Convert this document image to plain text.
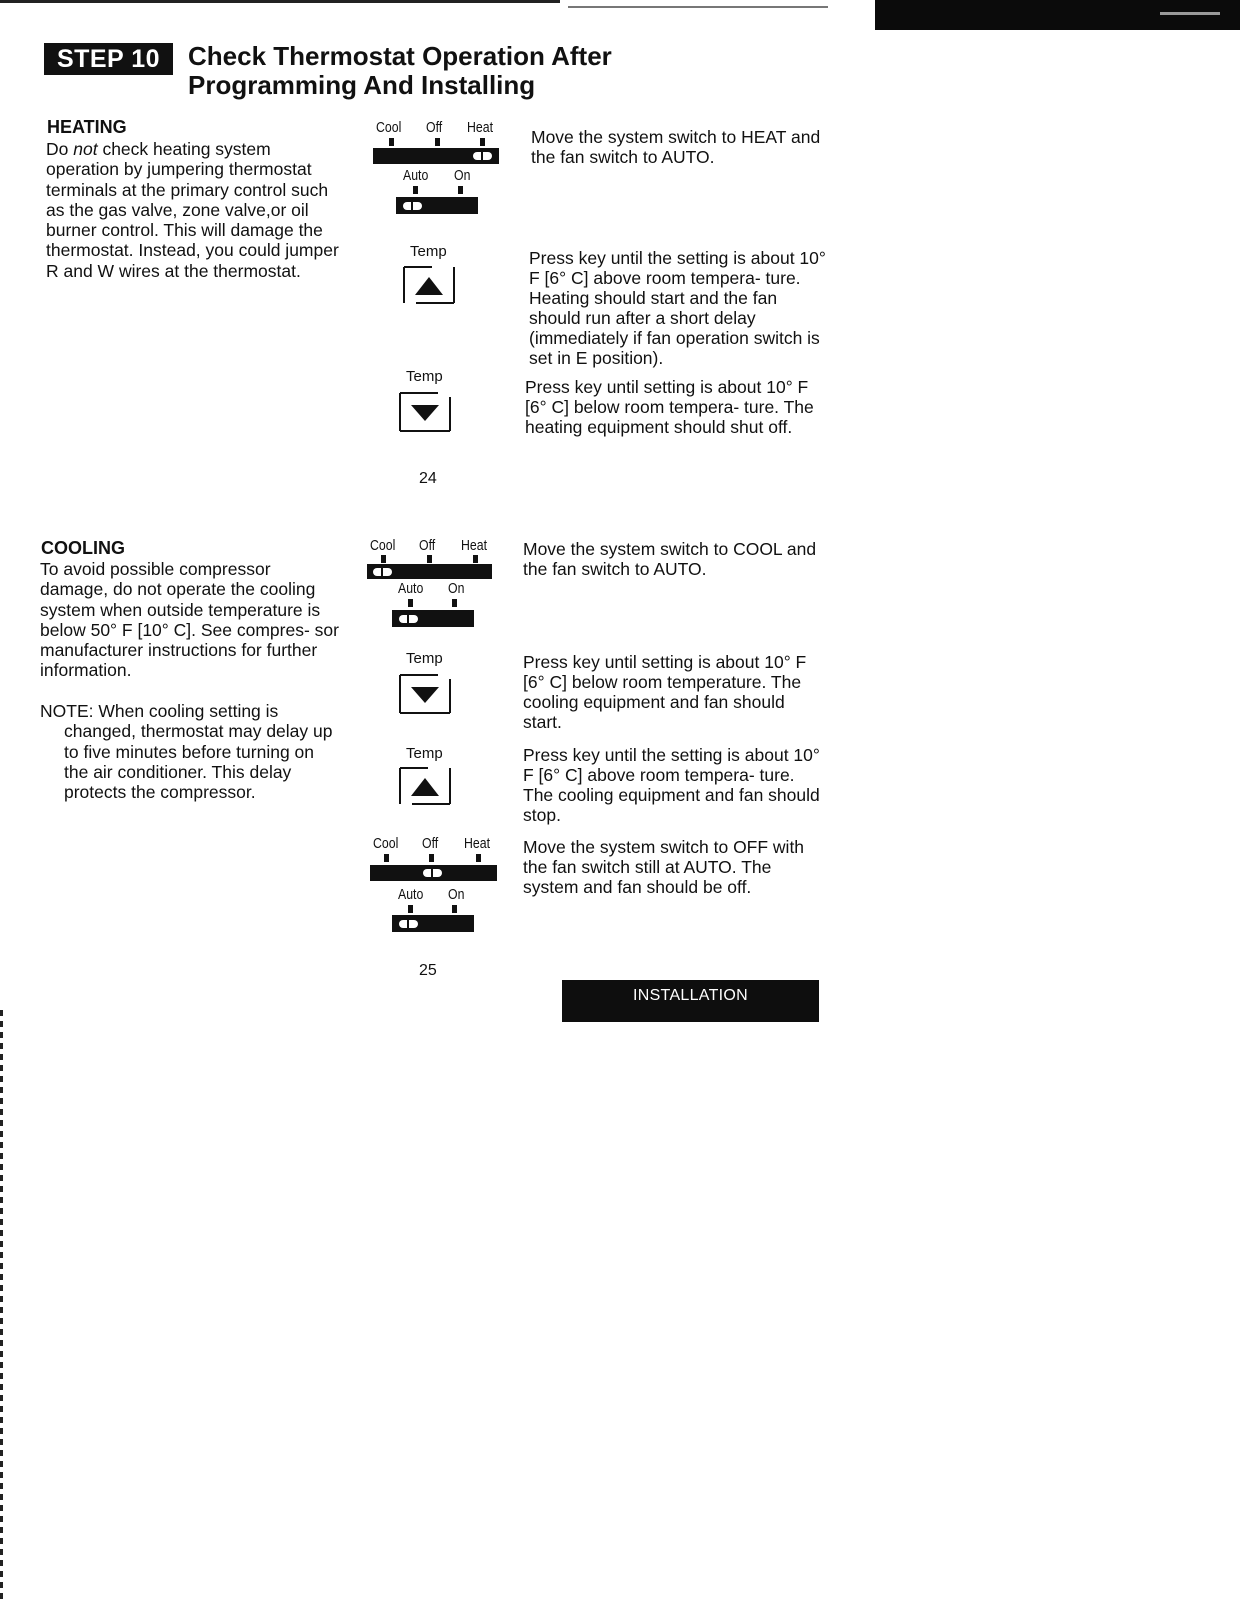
STEP 10	Check Thermostat Operation After
Programming And Installing
HEATING
Do not check heating system operation by jumpering thermostat terminals at the primary control such as the gas valve, zone valve,or oil burner control. This will damage the thermostat. Instead, you could jumper R and W wires at the thermostat.
COOLING
To avoid possible compressor damage, do not operate the cooling system when outside temperature is below 50° F [10° C]. See compres- sor manufacturer instructions for further information.
NOTE: When cooling setting is changed, thermostat may delay up to five minutes before turning on the air conditioner. This delay protects the compressor.
Cool Off Heat
Auto On
Temp
Temp
24
Cool Off Heat
Auto On
Temp
Temp
Cool Off Heat
Auto On
25
Move the system switch to HEAT and the fan switch to AUTO.
Press key until the setting is about 10° F [6° C] above room tempera- ture. Heating should start and the fan should run after a short delay (immediately if fan operation switch is set in E position).
Press key until setting is about 10° F [6° C] below room tempera- ture. The heating equipment should shut off.
Move the system switch to COOL and the fan switch to AUTO.
Press key until setting is about 10° F [6° C] below room temperature. The cooling equipment and fan should start.
Press key until the setting is about 10° F [6° C] above room tempera- ture. The cooling equipment and fan should stop.
Move the system switch to OFF with the fan switch still at AUTO. The system and fan should be off.
INSTALLATION
